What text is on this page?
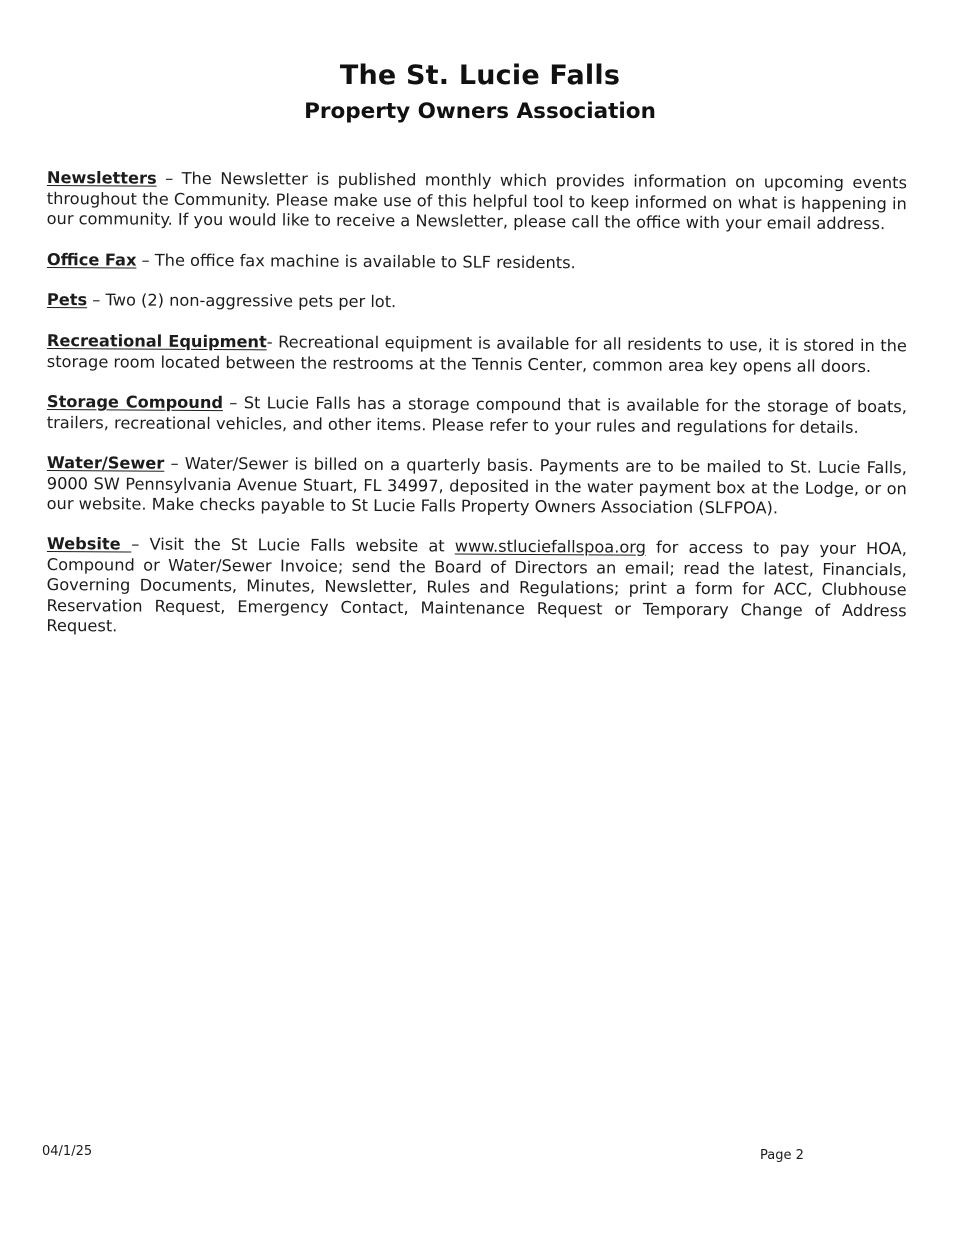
The St. Lucie Falls
Property Owners Association

Newsletters – The Newsletter is published monthly which provides information on upcoming events throughout the Community. Please make use of this helpful tool to keep informed on what is happening in our community. If you would like to receive a Newsletter, please call the office with your email address.

Office Fax – The office fax machine is available to SLF residents.

Pets – Two (2) non-aggressive pets per lot.

Recreational Equipment- Recreational equipment is available for all residents to use, it is stored in the storage room located between the restrooms at the Tennis Center, common area key opens all doors.

Storage Compound – St Lucie Falls has a storage compound that is available for the storage of boats, trailers, recreational vehicles, and other items. Please refer to your rules and regulations for details.

Water/Sewer – Water/Sewer is billed on a quarterly basis. Payments are to be mailed to St. Lucie Falls, 9000 SW Pennsylvania Avenue Stuart, FL 34997, deposited in the water payment box at the Lodge, or on our website. Make checks payable to St Lucie Falls Property Owners Association (SLFPOA).

Website – Visit the St Lucie Falls website at www.stluciefallspoa.org for access to pay your HOA, Compound or Water/Sewer Invoice; send the Board of Directors an email; read the latest, Financials, Governing Documents, Minutes, Newsletter, Rules and Regulations; print a form for ACC, Clubhouse Reservation Request, Emergency Contact, Maintenance Request or Temporary Change of Address Request.

04/1/25	Page 2
